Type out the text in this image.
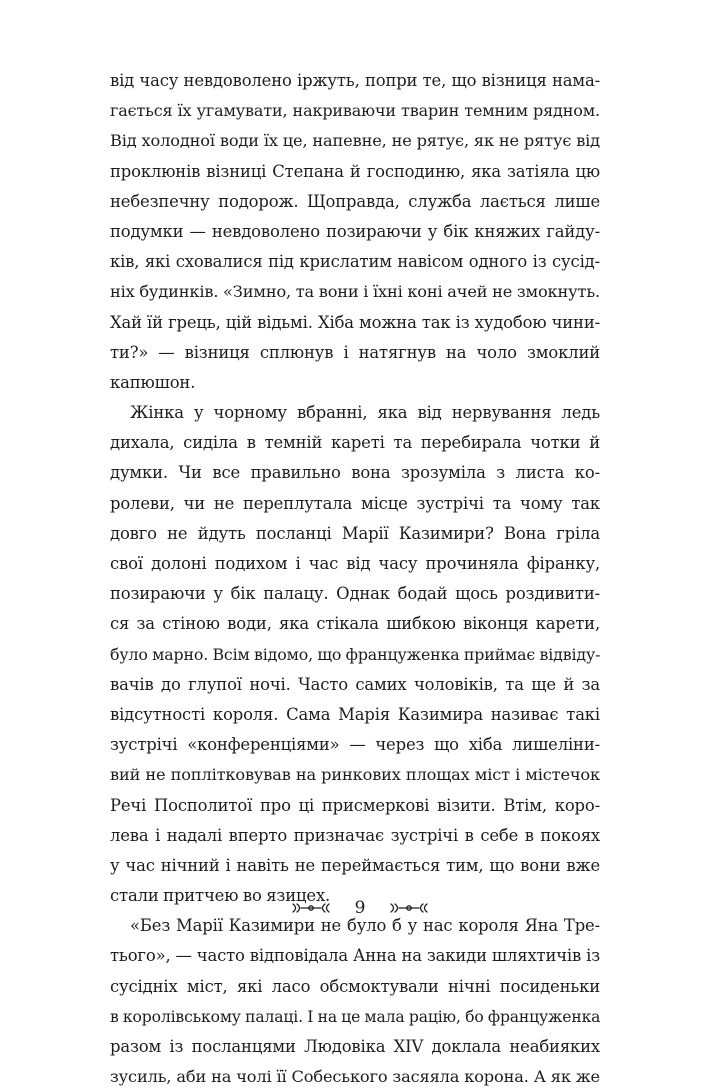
від часу невдоволено іржуть, попри те, що візниця нама-
гається їх угамувати, накриваючи тварин темним рядном.
Від холодної води їх це, напевне, не рятує, як не рятує від
проклюнів візниці Степана й господиню, яка затіяла цю
небезпечну подорож. Щоправда, служба лається лише
подумки — невдоволено позираючи у бік княжих гайду-
ків, які сховалися під крислатим навісом одного із сусід-
ніх будинків. «Зимно, та вони і їхні коні ачей не змокнуть.
Хай їй грець, цій відьмі. Хіба можна так із худобою чини-
ти?» — візниця сплюнув і натягнув на чоло змоклий
капюшон.
Жінка у чорному вбранні, яка від нервування ледь
дихала, сиділа в темній кареті та перебирала чотки й
думки. Чи все правильно вона зрозуміла з листа ко-
ролеви, чи не переплутала місце зустрічі та чому так
довго не йдуть посланці Марії Казимири? Вона гріла
свої долоні подихом і час від часу прочиняла фіранку,
позираючи у бік палацу. Однак бодай щось роздивити-
ся за стіною води, яка стікала шибкою віконця карети,
було марно. Всім відомо, що француженка приймає відвіду-
вачів до глупої ночі. Часто самих чоловіків, та ще й за
відсутності короля. Сама Марія Казимира називає такі
зустрічі «конференціями» — через що хіба лишеліни-
вий не поплітковував на ринкових площах міст і містечок
Речі Посполитої про ці присмеркові візити. Втім, коро-
лева і надалі вперто призначає зустрічі в себе в покоях
у час нічний і навіть не переймається тим, що вони вже
стали притчею во язицех.
«Без Марії Казимири не було б у нас короля Яна Тре-
тього», — часто відповідала Анна на закиди шляхтичів із
сусідніх міст, які ласо обсмоктували нічні посиденьки
в королівському палаці. І на це мала рацію, бо француженка
разом із посланцями Людовіка XIV доклала неабияких
зусиль, аби на чолі її Собеського засяяла корона. А як же
9
